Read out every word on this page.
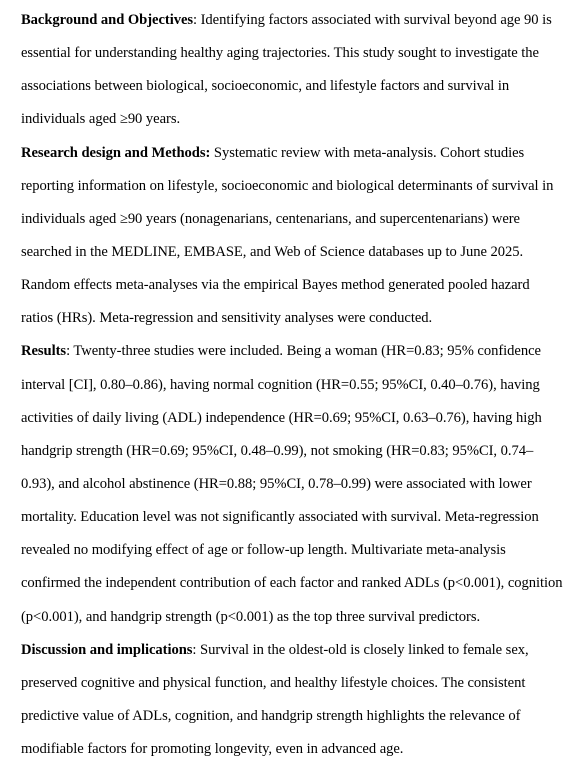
Background and Objectives: Identifying factors associated with survival beyond age 90 is
essential for understanding healthy aging trajectories. This study sought to investigate the
associations between biological, socioeconomic, and lifestyle factors and survival in
individuals aged ≥90 years.
Research design and Methods: Systematic review with meta-analysis. Cohort studies
reporting information on lifestyle, socioeconomic and biological determinants of survival in
individuals aged ≥90 years (nonagenarians, centenarians, and supercentenarians) were
searched in the MEDLINE, EMBASE, and Web of Science databases up to June 2025.
Random effects meta-analyses via the empirical Bayes method generated pooled hazard
ratios (HRs). Meta-regression and sensitivity analyses were conducted.
Results: Twenty-three studies were included. Being a woman (HR=0.83; 95% confidence
interval [CI], 0.80–0.86), having normal cognition (HR=0.55; 95%CI, 0.40–0.76), having
activities of daily living (ADL) independence (HR=0.69; 95%CI, 0.63–0.76), having high
handgrip strength (HR=0.69; 95%CI, 0.48–0.99), not smoking (HR=0.83; 95%CI, 0.74–
0.93), and alcohol abstinence (HR=0.88; 95%CI, 0.78–0.99) were associated with lower
mortality. Education level was not significantly associated with survival. Meta-regression
revealed no modifying effect of age or follow-up length. Multivariate meta-analysis
confirmed the independent contribution of each factor and ranked ADLs (p<0.001), cognition
(p<0.001), and handgrip strength (p<0.001) as the top three survival predictors.
Discussion and implications: Survival in the oldest-old is closely linked to female sex,
preserved cognitive and physical function, and healthy lifestyle choices. The consistent
predictive value of ADLs, cognition, and handgrip strength highlights the relevance of
modifiable factors for promoting longevity, even in advanced age.
